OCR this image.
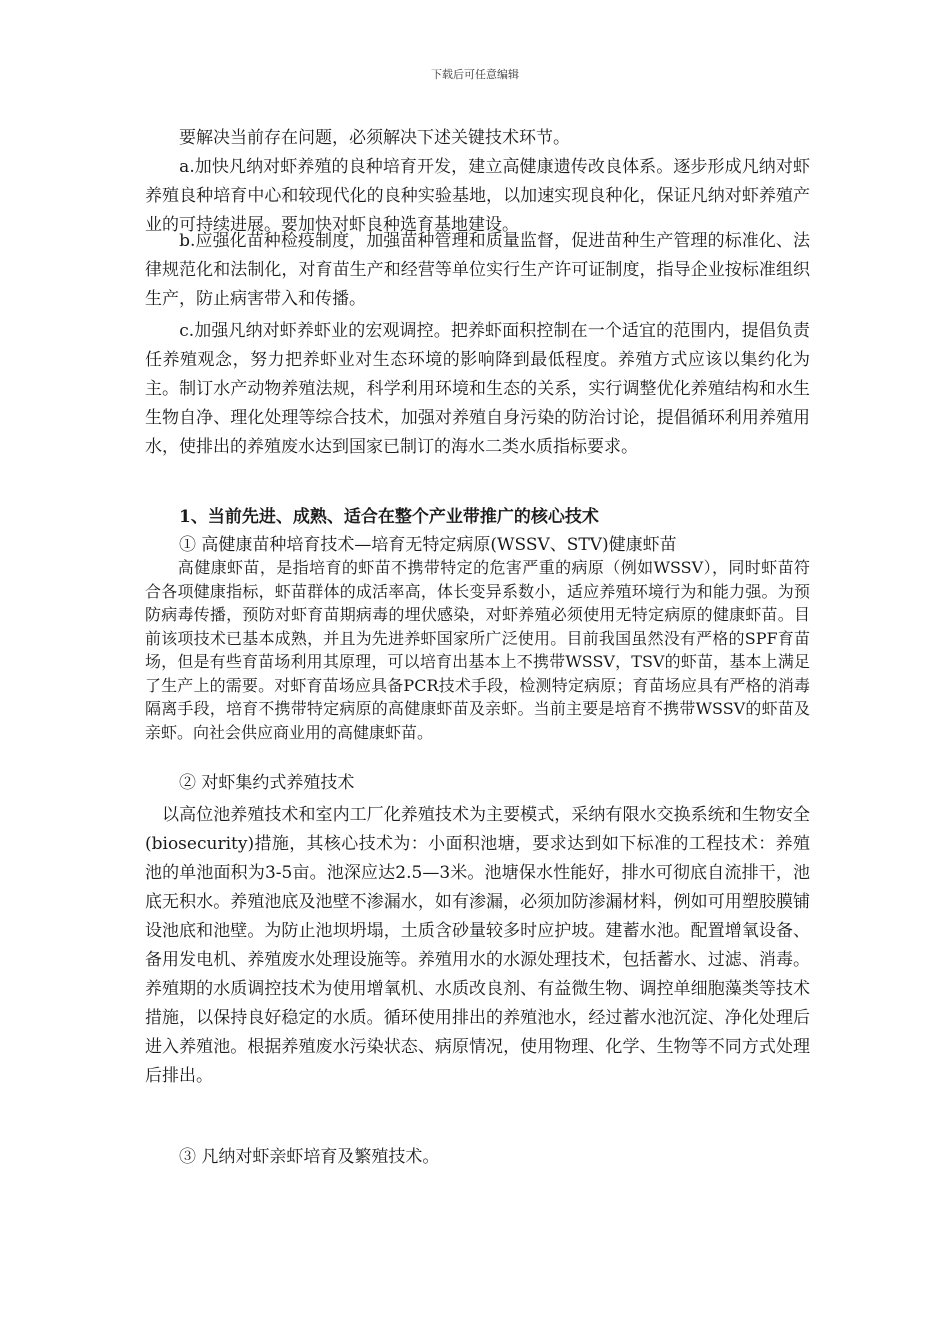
下载后可任意编辑

　　要解决当前存在问题，必须解决下述关键技术环节。

　　a.加快凡纳对虾养殖的良种培育开发，建立高健康遗传改良体系。逐步形成凡纳对虾养殖良种培育中心和较现代化的良种实验基地，以加速实现良种化，保证凡纳对虾养殖产业的可持续进展。要加快对虾良种选育基地建设。

　　b.应强化苗种检疫制度，加强苗种管理和质量监督，促进苗种生产管理的标准化、法律规范化和法制化，对育苗生产和经营等单位实行生产许可证制度，指导企业按标准组织生产，防止病害带入和传播。

　　c.加强凡纳对虾养虾业的宏观调控。把养虾面积控制在一个适宜的范围内，提倡负责任养殖观念，努力把养虾业对生态环境的影响降到最低程度。养殖方式应该以集约化为主。制订水产动物养殖法规，科学利用环境和生态的关系，实行调整优化养殖结构和水生生物自净、理化处理等综合技术，加强对养殖自身污染的防治讨论，提倡循环利用养殖用水，使排出的养殖废水达到国家已制订的海水二类水质指标要求。

　　1、当前先进、成熟、适合在整个产业带推广的核心技术

　　① 高健康苗种培育技术—培育无特定病原(WSSV、STV)健康虾苗

　　高健康虾苗，是指培育的虾苗不携带特定的危害严重的病原（例如WSSV），同时虾苗符合各项健康指标，虾苗群体的成活率高，体长变异系数小，适应养殖环境行为和能力强。为预防病毒传播，预防对虾育苗期病毒的埋伏感染，对虾养殖必须使用无特定病原的健康虾苗。目前该项技术已基本成熟，并且为先进养虾国家所广泛使用。目前我国虽然没有严格的SPF育苗场，但是有些育苗场利用其原理，可以培育出基本上不携带WSSV，TSV的虾苗，基本上满足了生产上的需要。对虾育苗场应具备PCR技术手段，检测特定病原；育苗场应具有严格的消毒隔离手段，培育不携带特定病原的高健康虾苗及亲虾。当前主要是培育不携带WSSV的虾苗及亲虾。向社会供应商业用的高健康虾苗。

　　② 对虾集约式养殖技术

　以高位池养殖技术和室内工厂化养殖技术为主要模式，采纳有限水交换系统和生物安全(biosecurity)措施，其核心技术为：小面积池塘，要求达到如下标准的工程技术：养殖池的单池面积为3-5亩。池深应达2.5—3米。池塘保水性能好，排水可彻底自流排干，池底无积水。养殖池底及池壁不渗漏水，如有渗漏，必须加防渗漏材料，例如可用塑胶膜铺设池底和池壁。为防止池坝坍塌，土质含砂量较多时应护坡。建蓄水池。配置增氧设备、备用发电机、养殖废水处理设施等。养殖用水的水源处理技术，包括蓄水、过滤、消毒。养殖期的水质调控技术为使用增氧机、水质改良剂、有益微生物、调控单细胞藻类等技术措施，以保持良好稳定的水质。循环使用排出的养殖池水，经过蓄水池沉淀、净化处理后进入养殖池。根据养殖废水污染状态、病原情况，使用物理、化学、生物等不同方式处理后排出。

　　③ 凡纳对虾亲虾培育及繁殖技术。
